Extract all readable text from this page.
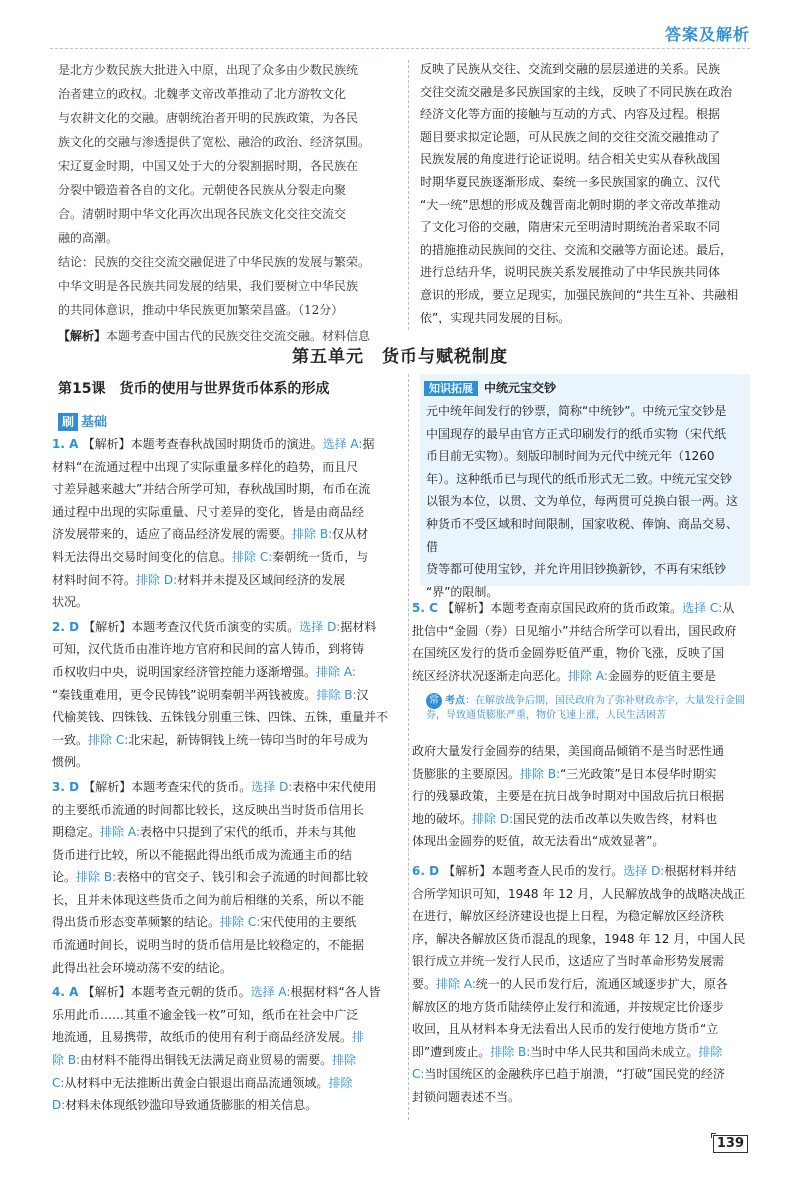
答案及解析
是北方少数民族大批进入中原，出现了众多由少数民族统
治者建立的政权。北魏孝文帝改革推动了北方游牧文化
与农耕文化的交融。唐朝统治者开明的民族政策，为各民
族文化的交融与渗透提供了宽松、融洽的政治、经济氛围。
宋辽夏金时期，中国又处于大的分裂割据时期，各民族在
分裂中锻造着各自的文化。元朝使各民族从分裂走向聚
合。清朝时期中华文化再次出现各民族文化交往交流交
融的高潮。
结论：民族的交往交流交融促进了中华民族的发展与繁荣。
中华文明是各民族共同发展的结果，我们要树立中华民族
的共同体意识，推动中华民族更加繁荣昌盛。（12分）

【解析】本题考查中国古代的民族交往交流交融。材料信息

反映了民族从交往、交流到交融的层层递进的关系。民族
交往交流交融是多民族国家的主线，反映了不同民族在政治
经济文化等方面的接触与互动的方式、内容及过程。根据
题目要求拟定论题，可从民族之间的交往交流交融推动了
民族发展的角度进行论证说明。结合相关史实从春秋战国
时期华夏民族逐渐形成、秦统一多民族国家的确立、汉代
“大一统”思想的形成及魏晋南北朝时期的孝文帝改革推动
了文化习俗的交融，隋唐宋元至明清时期统治者采取不同
的措施推动民族间的交往、交流和交融等方面论述。最后，
进行总结升华，说明民族关系发展推动了中华民族共同体
意识的形成，要立足现实，加强民族间的“共生互补、共融相
依”，实现共同发展的目标。
第五单元　货币与赋税制度
第15课　货币的使用与世界货币体系的形成
刷 基础
1. A 【解析】本题考查春秋战国时期货币的演进。选择 A:据
材料“在流通过程中出现了实际重量多样化的趋势，而且尺
寸差异越来越大”并结合所学可知，春秋战国时期，布币在流
通过程中出现的实际重量、尺寸差异的变化，皆是由商品经
济发展带来的，适应了商品经济发展的需要。排除 B:仅从材
料无法得出交易时间变化的信息。排除 C:秦朝统一货币，与
材料时间不符。排除 D:材料并未提及区域间经济的发展
状况。
2. D 【解析】本题考查汉代货币演变的实质。选择 D:据材料
可知，汉代货币由准许地方官府和民间的富人铸币，到将铸
币权收归中央，说明国家经济管控能力逐渐增强。排除 A:
“秦钱重难用，更令民铸钱”说明秦朝半两钱被废。排除 B:汉
代榆荚钱、四铢钱、五铢钱分别重三铢、四铢、五铢，重量并不
一致。排除 C:北宋起，新铸铜钱上统一铸印当时的年号成为
惯例。
3. D 【解析】本题考查宋代的货币。选择 D:表格中宋代使用
的主要纸币流通的时间都比较长，这反映出当时货币信用长
期稳定。排除 A:表格中只提到了宋代的纸币，并未与其他
货币进行比较，所以不能据此得出纸币成为流通主币的结
论。排除 B:表格中的官交子、钱引和会子流通的时间都比较
长，且并未体现这些货币之间为前后相继的关系，所以不能
得出货币形态变革频繁的结论。排除 C:宋代使用的主要纸
币流通时间长，说明当时的货币信用是比较稳定的，不能据
此得出社会环境动荡不安的结论。
4. A 【解析】本题考查元朝的货币。选择 A:根据材料“各人皆
乐用此币……其重不逾金钱一枚”可知，纸币在社会中广泛
地流通，且易携带，故纸币的使用有利于商品经济发展。排
除 B:由材料不能得出铜钱无法满足商业贸易的需要。排除
C:从材料中无法推断出黄金白银退出商品流通领域。排除
D:材料未体现纸钞滥印导致通货膨胀的相关信息。
知识拓展 中统元宝交钞
元中统年间发行的钞票，简称“中统钞”。中统元宝交钞是
中国现存的最早由官方正式印刷发行的纸币实物（宋代纸
币目前无实物）。刻版印制时间为元代中统元年（1260
年）。这种纸币已与现代的纸币形式无二致。中统元宝交钞
以银为本位，以贯、文为单位，每两贯可兑换白银一两。这
种货币不受区域和时间限制，国家收税、俸饷、商品交易、借
贷等都可使用宝钞，并允许用旧钞换新钞，不再有宋纸钞
“界”的限制。
5. C 【解析】本题考查南京国民政府的货币政策。选择 C:从
批信中“金圆（券）日见缩小”并结合所学可以看出，国民政府
在国统区发行的货币金圆券贬值严重，物价飞涨，反映了国
统区经济状况逐渐走向恶化。排除 A:金圆券的贬值主要是
常 考点：在解放战争后期，国民政府为了弥补财政赤字，大量发行金圆券，导致通货膨胀严重，物价飞速上涨，人民生活困苦
政府大量发行金圆券的结果，美国商品倾销不是当时恶性通
货膨胀的主要原因。排除 B:“三光政策”是日本侵华时期实
行的残暴政策，主要是在抗日战争时期对中国敌后抗日根据
地的破坏。排除 D:国民党的法币改革以失败告终，材料也
体现出金圆券的贬值，故无法看出“成效显著”。
6. D 【解析】本题考查人民币的发行。选择 D:根据材料并结
合所学知识可知，1948 年 12 月，人民解放战争的战略决战正
在进行，解放区经济建设也提上日程，为稳定解放区经济秩
序，解决各解放区货币混乱的现象，1948 年 12 月，中国人民
银行成立并统一发行人民币，这适应了当时革命形势发展需
要。排除 A:统一的人民币发行后，流通区域逐步扩大，原各
解放区的地方货币陆续停止发行和流通，并按规定比价逐步
收回，且从材料本身无法看出人民币的发行使地方货币“立
即”遭到废止。排除 B:当时中华人民共和国尚未成立。排除
C:当时国统区的金融秩序已趋于崩溃，“打破”国民党的经济
封锁问题表述不当。
139
